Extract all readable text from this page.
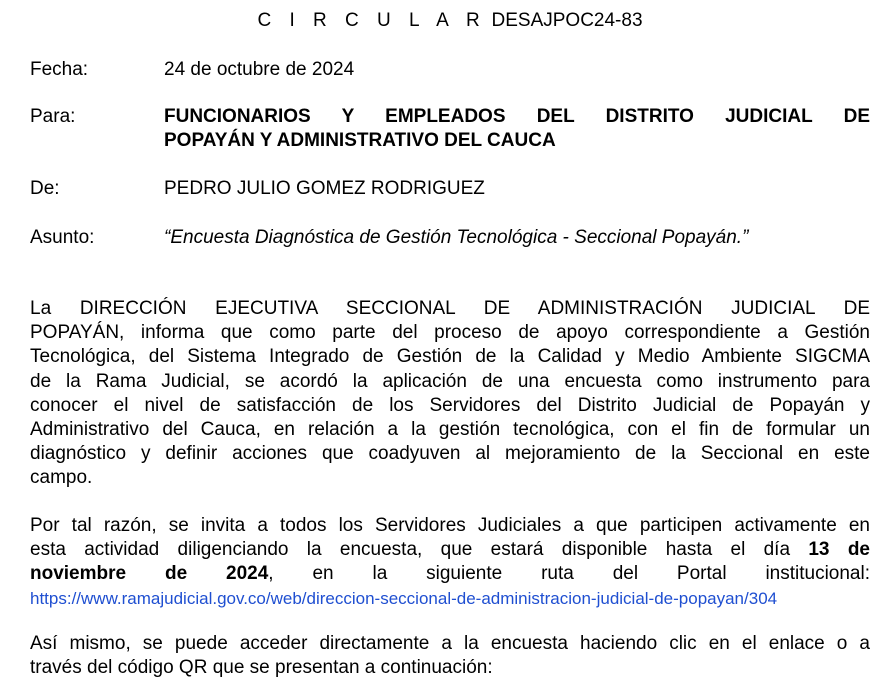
C I R C U L A R DESAJPOC24-83
Fecha:	24 de octubre de 2024
Para:	FUNCIONARIOS Y EMPLEADOS DEL DISTRITO JUDICIAL DE
POPAYÁN Y ADMINISTRATIVO DEL CAUCA
De:	PEDRO JULIO GOMEZ RODRIGUEZ
Asunto:	“Encuesta Diagnóstica de Gestión Tecnológica - Seccional Popayán.”
La DIRECCIÓN EJECUTIVA SECCIONAL DE ADMINISTRACIÓN JUDICIAL DE
POPAYÁN, informa que como parte del proceso de apoyo correspondiente a Gestión
Tecnológica, del Sistema Integrado de Gestión de la Calidad y Medio Ambiente SIGCMA
de la Rama Judicial, se acordó la aplicación de una encuesta como instrumento para
conocer el nivel de satisfacción de los Servidores del Distrito Judicial de Popayán y
Administrativo del Cauca, en relación a la gestión tecnológica, con el fin de formular un
diagnóstico y definir acciones que coadyuven al mejoramiento de la Seccional en este
campo.
Por tal razón, se invita a todos los Servidores Judiciales a que participen activamente en
esta actividad diligenciando la encuesta, que estará disponible hasta el día 13 de
noviembre de 2024, en la siguiente ruta del Portal institucional:
https://www.ramajudicial.gov.co/web/direccion-seccional-de-administracion-judicial-de-popayan/304
Así mismo, se puede acceder directamente a la encuesta haciendo clic en el enlace o a
través del código QR que se presentan a continuación:
